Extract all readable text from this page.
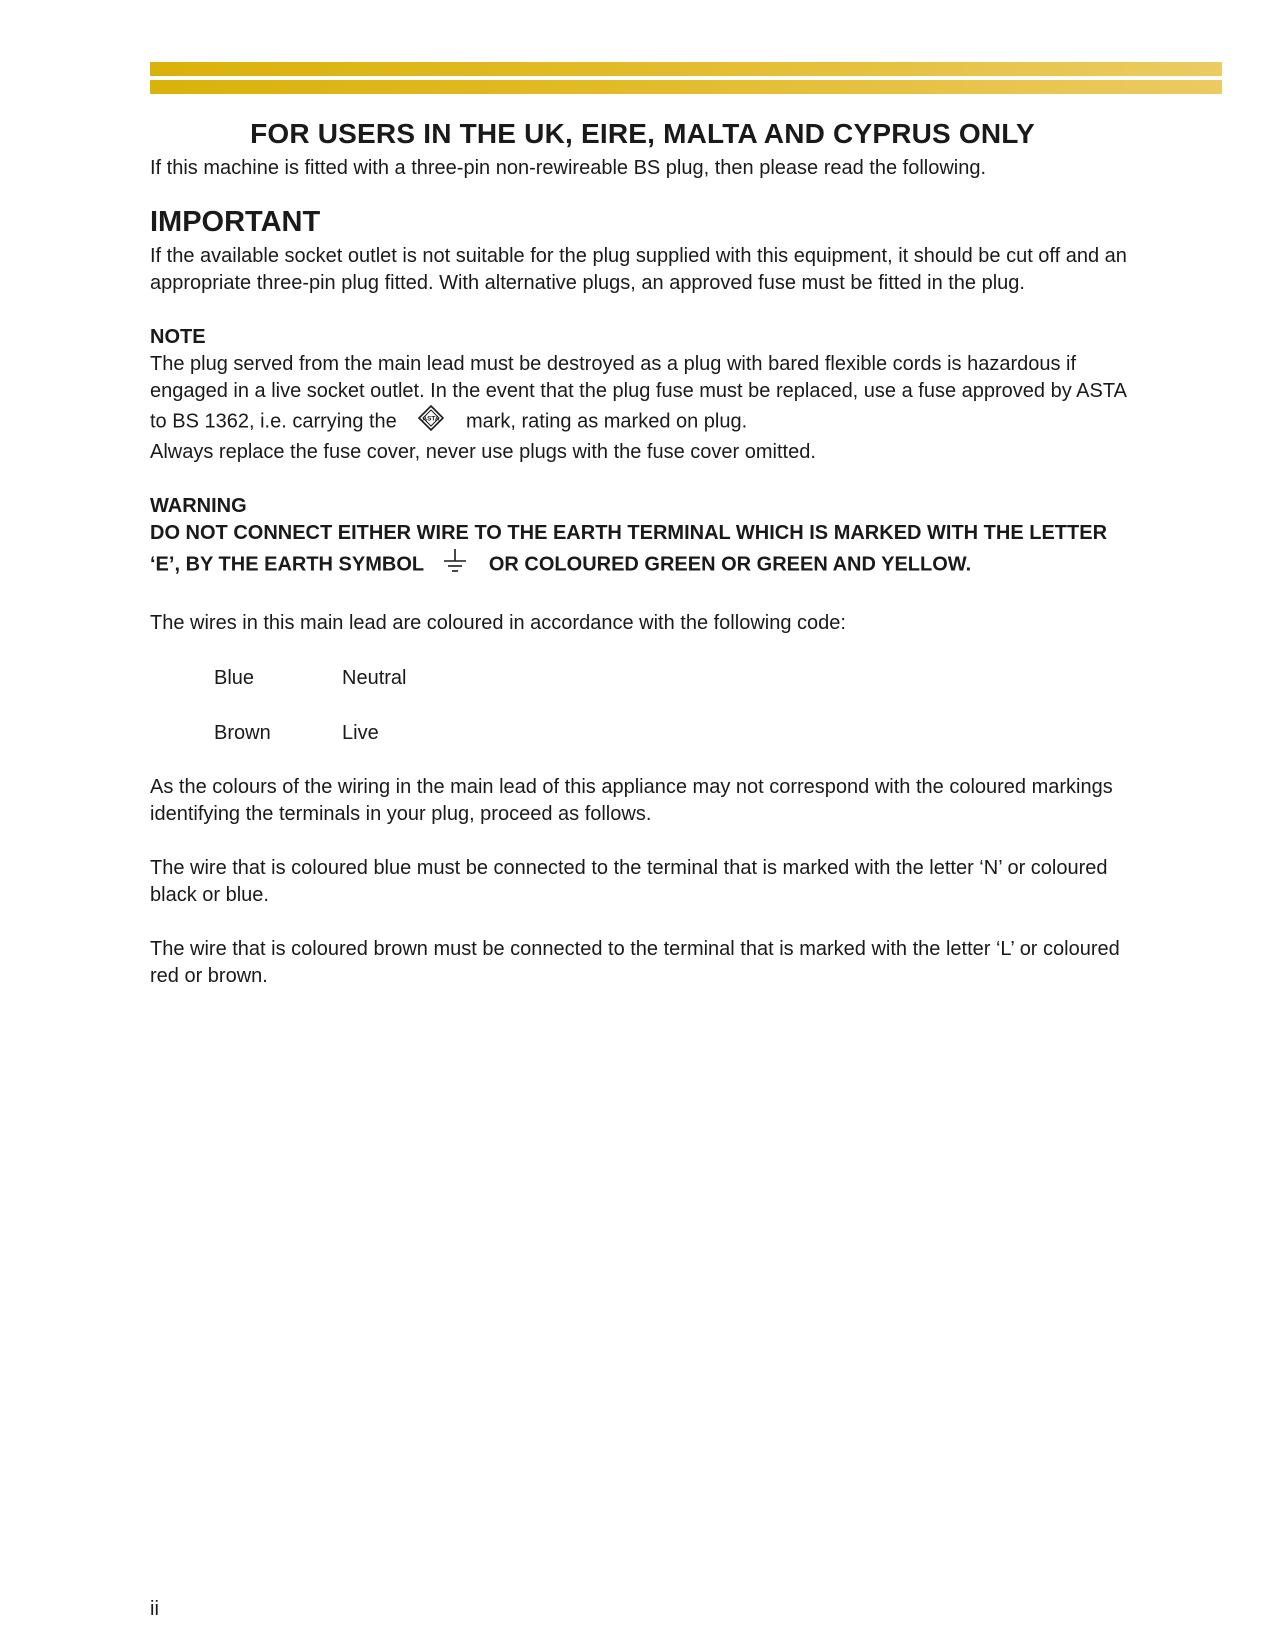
FOR USERS IN THE UK, EIRE, MALTA AND CYPRUS ONLY

If this machine is fitted with a three-pin non-rewireable BS plug, then please read the following.

IMPORTANT

If the available socket outlet is not suitable for the plug supplied with this equipment, it should be cut off and an appropriate three-pin plug fitted. With alternative plugs, an approved fuse must be fitted in the plug.

NOTE

The plug served from the main lead must be destroyed as a plug with bared flexible cords is hazardous if engaged in a live socket outlet. In the event that the plug fuse must be replaced, use a fuse approved by ASTA to BS 1362, i.e. carrying the	ASTA mark, rating as marked on plug.
Always replace the fuse cover, never use plugs with the fuse cover omitted.

WARNING

DO NOT CONNECT EITHER WIRE TO THE EARTH TERMINAL WHICH IS MARKED WITH THE LETTER ‘E’, BY THE EARTH SYMBOL	OR COLOURED GREEN OR GREEN AND YELLOW.

The wires in this main lead are coloured in accordance with the following code:

Blue	Neutral
Brown	Live

As the colours of the wiring in the main lead of this appliance may not correspond with the coloured markings identifying the terminals in your plug, proceed as follows.

The wire that is coloured blue must be connected to the terminal that is marked with the letter ‘N’ or coloured black or blue.

The wire that is coloured brown must be connected to the terminal that is marked with the letter ‘L’ or coloured red or brown.

ii
